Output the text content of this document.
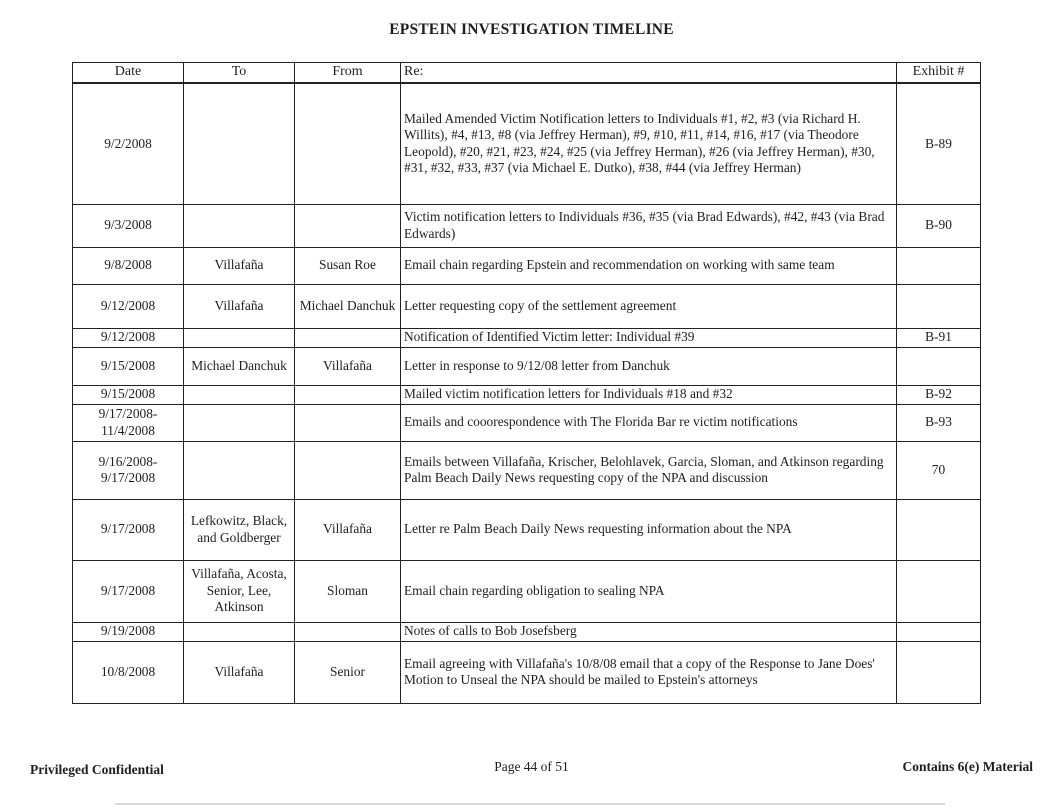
EPSTEIN INVESTIGATION TIMELINE
Date	To	From	Re:	Exhibit #
9/2/2008			Mailed Amended Victim Notification letters to Individuals #1, #2, #3 (via Richard H. Willits), #4, #13, #8 (via Jeffrey Herman), #9, #10, #11, #14, #16, #17 (via Theodore Leopold), #20, #21, #23, #24, #25 (via Jeffrey Herman), #26 (via Jeffrey Herman), #30, #31, #32, #33, #37 (via Michael E. Dutko), #38, #44 (via Jeffrey Herman)	B-89
9/3/2008			Victim notification letters to Individuals #36, #35 (via Brad Edwards), #42, #43 (via Brad Edwards)	B-90
9/8/2008	Villafaña	Susan Roe	Email chain regarding Epstein and recommendation on working with same team	
9/12/2008	Villafaña	Michael Danchuk	Letter requesting copy of the settlement agreement	
9/12/2008			Notification of Identified Victim letter: Individual #39	B-91
9/15/2008	Michael Danchuk	Villafaña	Letter in response to 9/12/08 letter from Danchuk	
9/15/2008			Mailed victim notification letters for Individuals #18 and #32	B-92
9/17/2008-
11/4/2008			Emails and cooorespondence with The Florida Bar re victim notifications	B-93
9/16/2008-
9/17/2008			Emails between Villafaña, Krischer, Belohlavek, Garcia, Sloman, and Atkinson regarding Palm Beach Daily News requesting copy of the NPA and discussion	70
9/17/2008	Lefkowitz, Black, and Goldberger	Villafaña	Letter re Palm Beach Daily News requesting information about the NPA	
9/17/2008	Villafaña, Acosta, Senior, Lee, Atkinson	Sloman	Email chain regarding obligation to sealing NPA	
9/19/2008			Notes of calls to Bob Josefsberg	
10/8/2008	Villafaña	Senior	Email agreeing with Villafaña's 10/8/08 email that a copy of the Response to Jane Does' Motion to Unseal the NPA should be mailed to Epstein's attorneys	
Privileged Confidential	Page 44 of 51	Contains 6(e) Material
